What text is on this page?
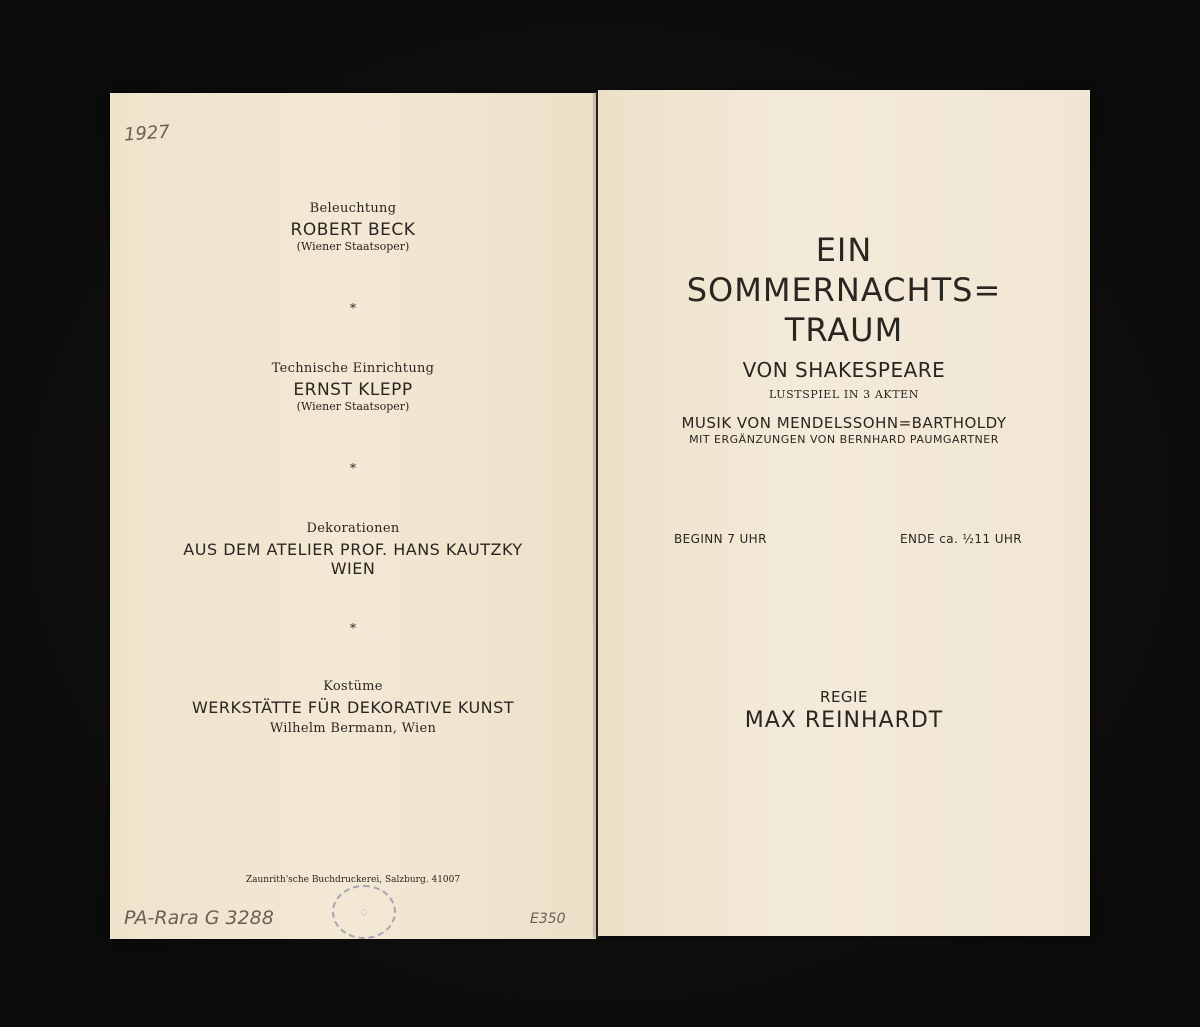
1927
Beleuchtung
ROBERT BECK
(Wiener Staatsoper)
*
Technische Einrichtung
ERNST KLEPP
(Wiener Staatsoper)
*
Dekorationen
AUS DEM ATELIER PROF. HANS KAUTZKY
WIEN
*
Kostüme
WERKSTÄTTE FÜR DEKORATIVE KUNST
Wilhelm Bermann, Wien
Zaunrith'sche Buchdruckerei, Salzburg. 41007
PA-Rara G 3288	◌	E350
EIN
SOMMERNACHTS=
TRAUM
VON SHAKESPEARE
LUSTSPIEL IN 3 AKTEN
MUSIK VON MENDELSSOHN=BARTHOLDY
MIT ERGÄNZUNGEN VON BERNHARD PAUMGARTNER
BEGINN 7 UHR	ENDE ca. ½11 UHR
REGIE
MAX REINHARDT
